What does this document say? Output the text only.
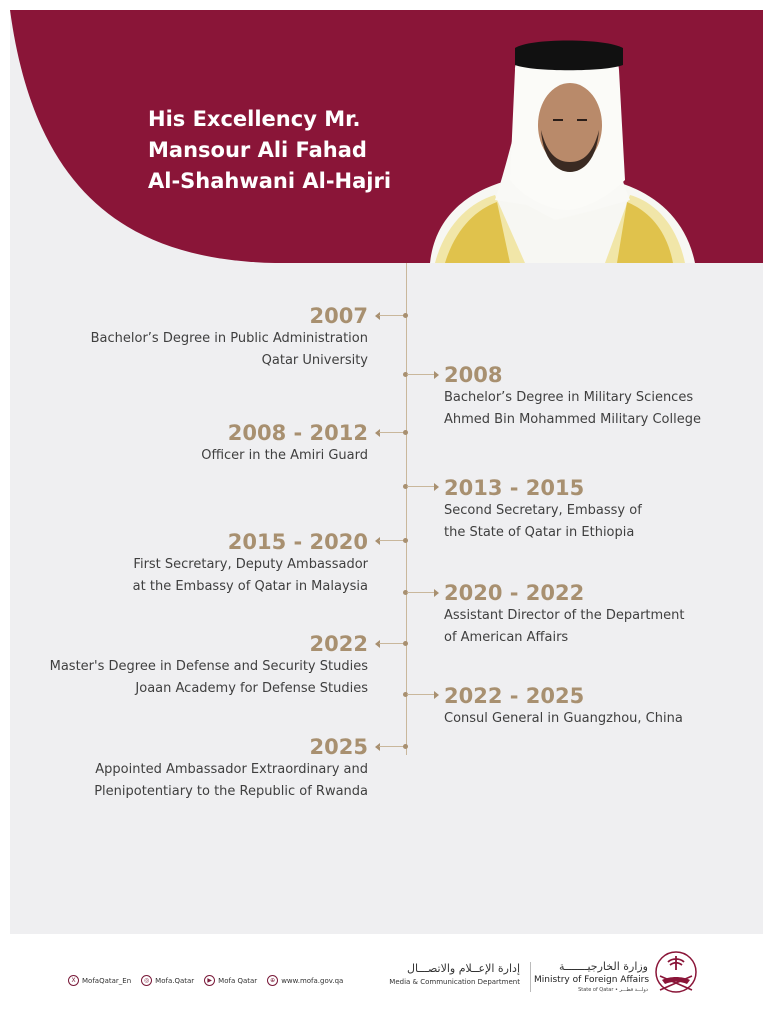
His Excellency Mr.
Mansour Ali Fahad
Al-Shahwani Al-Hajri
2007
Bachelor’s Degree in Public Administration
Qatar University
2008
Bachelor’s Degree in Military Sciences
Ahmed Bin Mohammed Military College
2008 - 2012
Officer in the Amiri Guard
2013 - 2015
Second Secretary, Embassy of
the State of Qatar in Ethiopia
2015 - 2020
First Secretary, Deputy Ambassador
at the Embassy of Qatar in Malaysia	2020 - 2022
Assistant Director of the Department
of American Affairs
2022
Master's Degree in Defense and Security Studies
Joaan Academy for Defense Studies	2022 - 2025
Consul General in Guangzhou, China
2025
Appointed Ambassador Extraordinary and
Plenipotentiary to the Republic of Rwanda
X MofaQatar_En	◎ Mofa.Qatar	▶ Mofa Qatar	⊕ www.mofa.gov.qa
إدارة الإعــلام والاتصـــال
Media & Communication Department
وزارة الخارجيـــــــة
Ministry of Foreign Affairs
State of Qatar • دولـــة قطـــر
